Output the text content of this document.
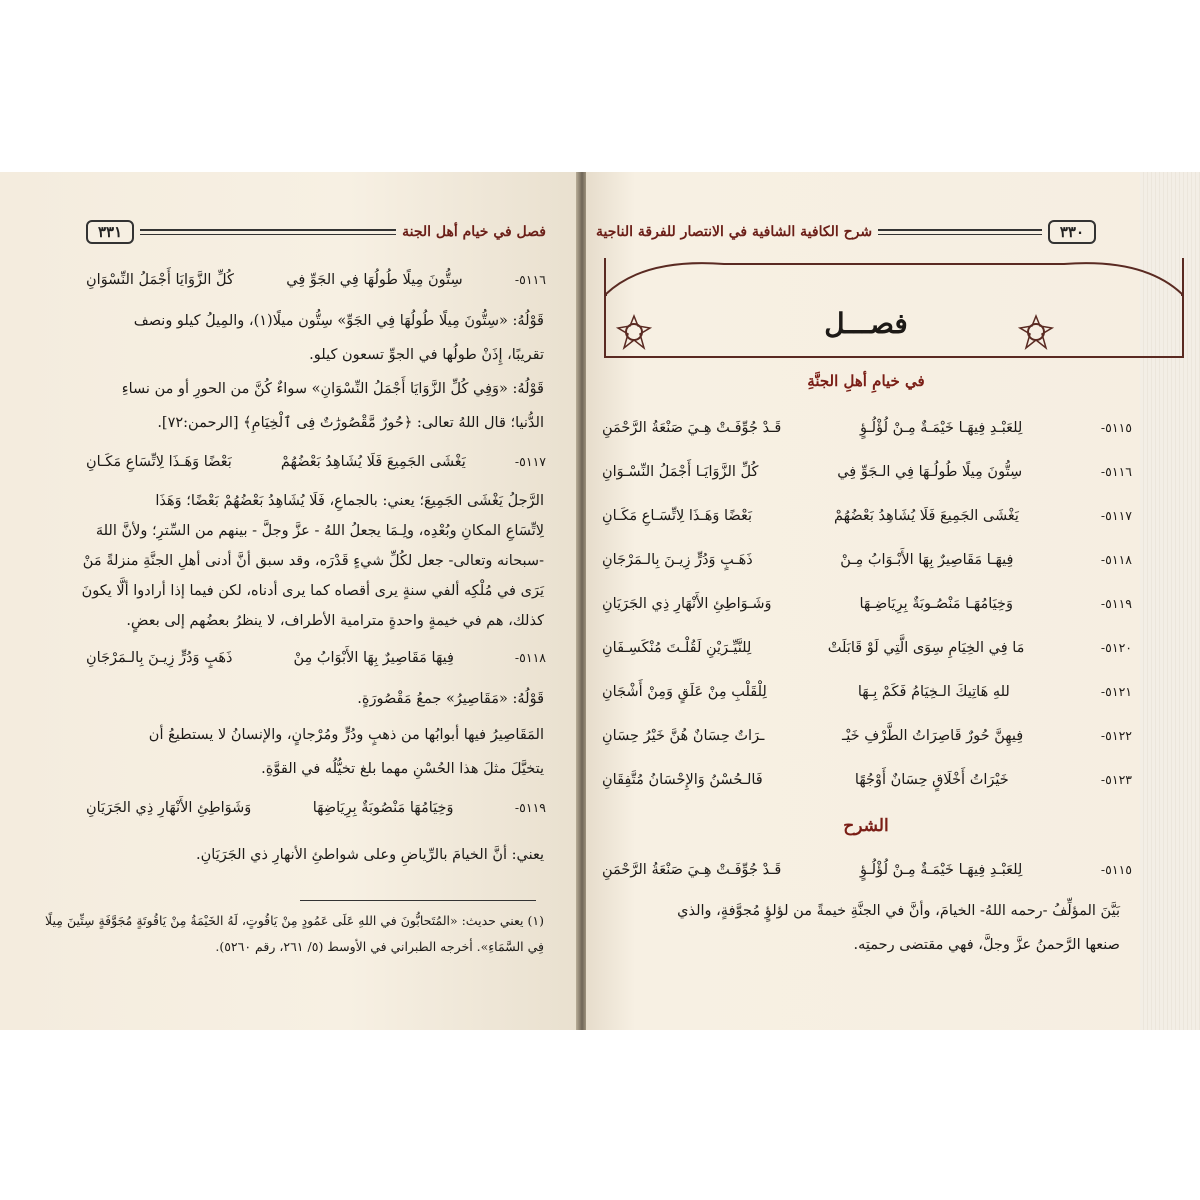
فصل في خيام أهل الجنة
٣٣١
٥١١٦-
سِتُّونَ مِيلًا طُولُهَا فِي الجَوِّ فِي
كُلِّ الزَّوَايَا أَجْمَلُ النِّسْوَانِ
قَوْلُهُ: «سِتُّونَ مِيلًا طُولُهَا فِي الجَوِّ» سِتُّون ميلًا(١)، والمِيلُ كيلو ونصف
تقريبًا، إِذَنْ طولُها في الجوِّ تسعون كيلو.
قَوْلُهُ: «وَفِي كُلِّ الزَّوَايَا أَجْمَلُ النِّسْوَانِ» سواءٌ كُنَّ من الحورِ أو من نساءِ
الدُّنيا؛ قال اللهُ تعالى: ﴿حُورٌ مَّقْصُورَٰتٌ فِى ٱلْخِيَامِ﴾ [الرحمن:٧٢].
٥١١٧-
يَغْشَى الجَمِيعَ فَلَا يُشَاهِدُ بَعْضُهُمْ
بَعْضًا وَهَـذَا لِاتِّسَاعِ مَكَـانِ
الرَّجلُ يَغْشَى الجَمِيعَ؛ يعني: بالجماعِ، فَلَا يُشَاهِدُ بَعْضُهُمْ بَعْضًا؛ وَهَذَا
لِاتِّسَاعِ المكانِ وبُعْدِه، ولِـمَا يجعلُ اللهُ - عزَّ وجلَّ - بينهم من السِّترِ؛ ولأنَّ اللهَ
-سبحانه وتعالى- جعل لكُلِّ شيءٍ قَدْرَه، وقد سبق أنَّ أدنى أهلِ الجنَّةِ منزلةً مَنْ
يَرَى في مُلْكِه ألفي سنةٍ يرى أقصاه كما يرى أدناه، لكن فيما إذا أرادوا ألَّا يكونَ
كذلك، هم في خيمةٍ واحدةٍ مترامية الأطراف، لا ينظرُ بعضُهم إلى بعضٍ.
٥١١٨-
فِيهَا مَقَاصِيرٌ بِهَا الأَبْوَابُ مِنْ
ذَهَبٍ وَدُرٍّ زِيـنَ بِالـمَرْجَانِ
قَوْلُهُ: «مَقَاصِيرُ» جمعُ مَقْصُورَةٍ.
المَقَاصِيرُ فيها أبوابُها من ذهبٍ ودُرٍّ ومُرْجانٍ، والإنسانُ لا يستطيعُ أن
يتخيَّلَ مثلَ هذا الحُسْنِ مهما بلغ تخيُّلُه في القوَّةِ.
٥١١٩-
وَخِيَامُهَا مَنْصُوبَةٌ بِرِيَاضِهَا
وَشَوَاطِئِ الأَنْهَارِ ذِي الجَرَيَانِ
يعني: أنَّ الخيامَ بالرِّياضِ وعلى شواطئِ الأنهارِ ذي الجَرَيَانِ.
(١) يعني حديث: «المُتَحابُّونَ في اللهِ عَلَى عَمُودٍ مِنْ يَاقُوتٍ، لَهُ الخَيْمَةُ مِنْ يَاقُوتَةٍ مُجَوَّفَةٍ سِتِّينَ مِيلًا
فِي السَّمَاءِ». أخرجه الطبراني في الأوسط (٥/ ٢٦١، رقم ٥٢٦٠).
٣٣٠
شرح الكافية الشافية في الانتصار للفرقة الناجية
فصـــل
في خيامِ أهلِ الجنَّةِ
٥١١٥-
لِلعَبْـدِ فِيهَـا خَيْمَـةٌ مِـنْ لُؤْلُـؤٍ
قَـدْ جُوِّفَـتْ هِـيَ صَنْعَةُ الرَّحْمَنِ
٥١١٦-
سِتُّونَ مِيلًا طُولُـهَا فِي الـجَوِّ فِي
كُلِّ الزَّوَايَـا أَجْمَلُ النِّسْـوَانِ
٥١١٧-
يَغْشَى الجَمِيعَ فَلَا يُشَاهِدُ بَعْضُهُمْ
بَعْضًا وَهَـذَا لِاتِّسَـاعِ مَكَـانِ
٥١١٨-
فِيهَـا مَقَاصِيرٌ بِهَا الأَبْـوَابُ مِـنْ
ذَهَـبٍ وَدُرٍّ زِيـنَ بِالـمَرْجَانِ
٥١١٩-
وَخِيَامُهَـا مَنْصُـوبَةٌ بِرِيَاضِـهَا
وَشَـوَاطِئِ الأَنْهَارِ ذِي الجَرَيَانِ
٥١٢٠-
مَا فِي الخِيَامِ سِوَى الَّتِي لَوْ قَابَلَتْ
لِلنَّيِّـرَيْنِ لَقُلْـتَ مُنْكَسِـفَانِ
٥١٢١-
للهِ هَاتِيكَ الـخِيَامُ فَكَمْ بِـهَا
لِلْقَلْبِ مِنْ عَلَقٍ وَمِنْ أَشْجَانِ
٥١٢٢-
فِيهِنَّ حُورٌ قَاصِرَاتُ الطَّرْفِ خَيْـ
ـرَاتٌ حِسَانٌ هُنَّ خَيْرُ حِسَانِ
٥١٢٣-
خَيْرَاتُ أَخْلَاقٍ حِسَانٌ أَوْجُهًا
فَالـحُسْنُ وَالإِحْسَانُ مُتَّفِقَانِ
الشرح
٥١١٥-
لِلعَبْـدِ فِيهَـا خَيْمَـةٌ مِـنْ لُؤْلُـؤٍ
قَـدْ جُوِّفَـتْ هِـيَ صَنْعَةُ الرَّحْمَنِ
بَيَّنَ المؤلِّفُ -رحمه اللهُ- الخيامَ، وأنَّ في الجنَّةِ خيمةً من لؤلؤٍ مُجوَّفةٍ، والذي
صنعها الرَّحمنُ عزَّ وجلَّ، فهي مقتضى رحمتِه.
